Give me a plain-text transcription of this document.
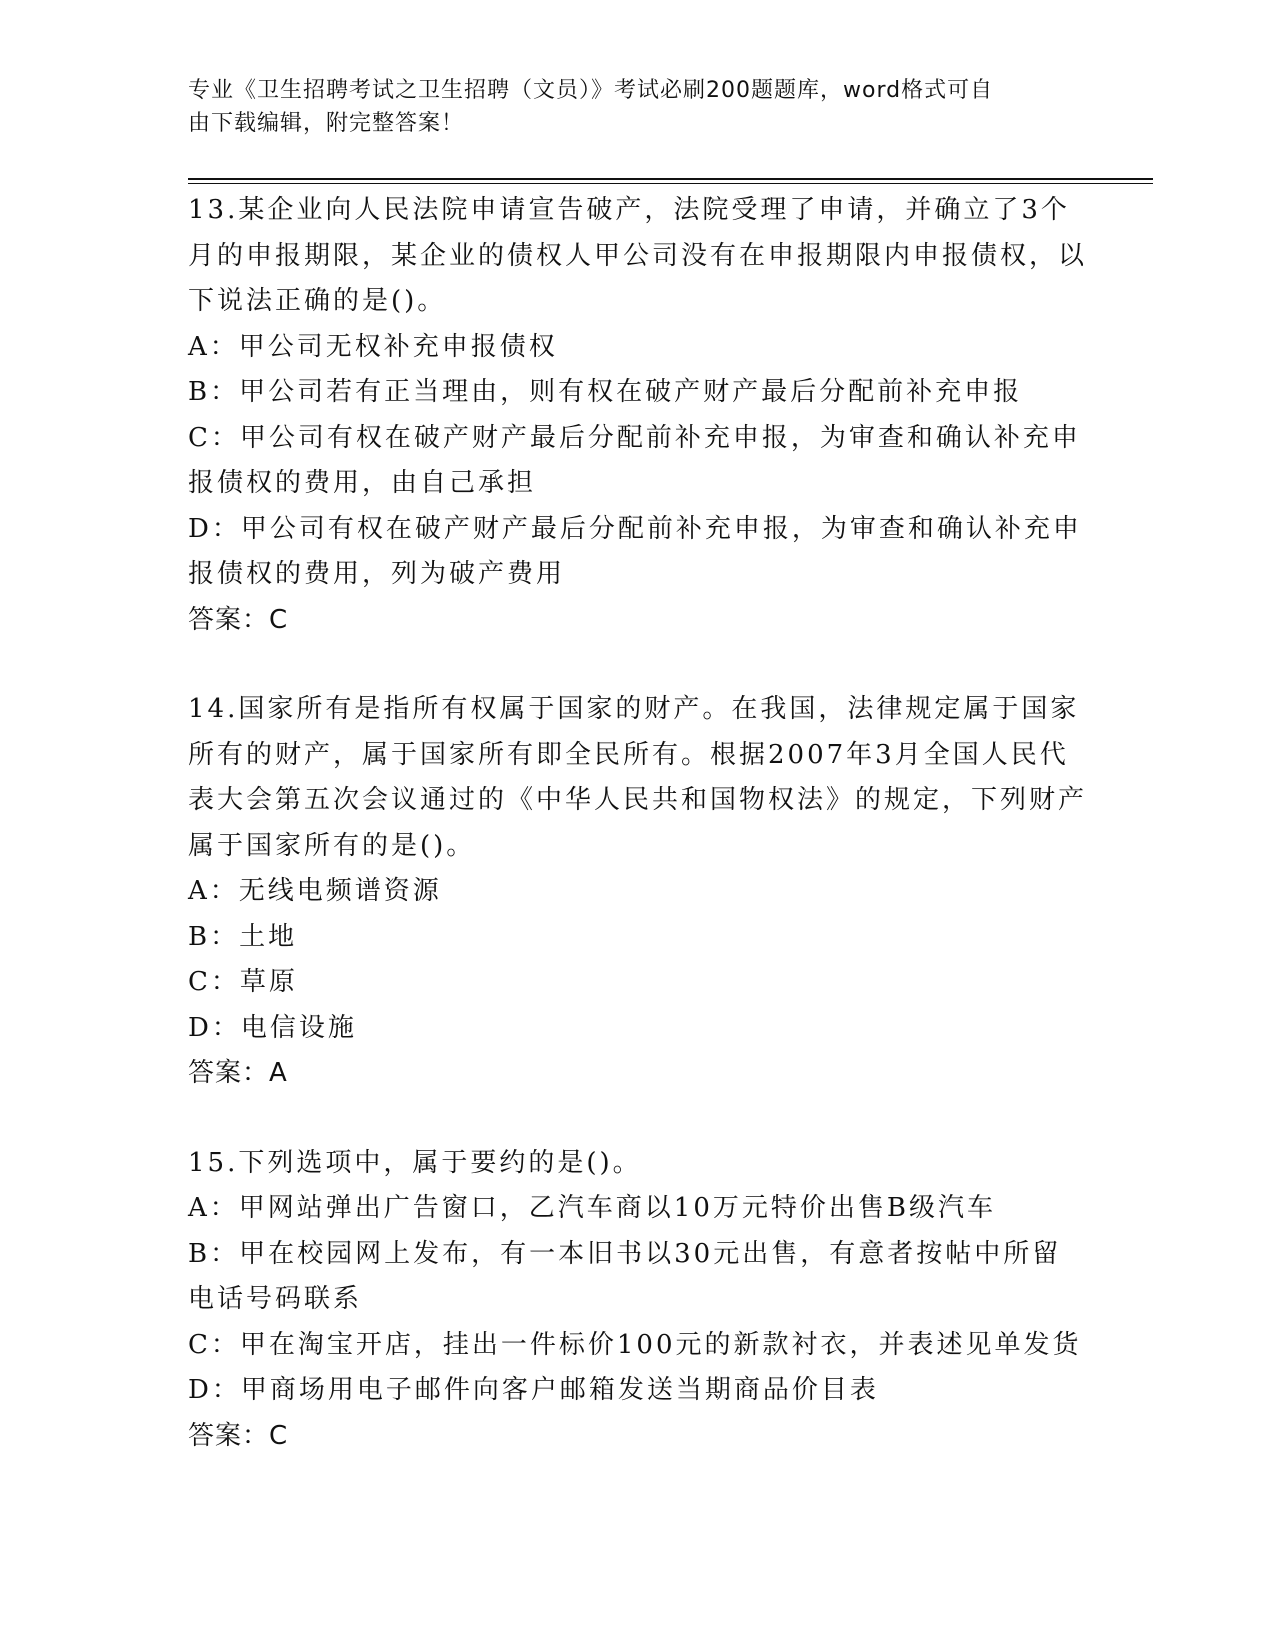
专业《卫生招聘考试之卫生招聘（文员）》考试必刷200题题库，word格式可自
由下载编辑，附完整答案！

13.某企业向人民法院申请宣告破产，法院受理了申请，并确立了3个月的申报期限，某企业的债权人甲公司没有在申报期限内申报债权，以下说法正确的是()。

A：甲公司无权补充申报债权
B：甲公司若有正当理由，则有权在破产财产最后分配前补充申报
C：甲公司有权在破产财产最后分配前补充申报，为审查和确认补充申报债权的费用，由自己承担
D：甲公司有权在破产财产最后分配前补充申报，为审查和确认补充申报债权的费用，列为破产费用

答案：C

14.国家所有是指所有权属于国家的财产。在我国，法律规定属于国家所有的财产，属于国家所有即全民所有。根据2007年3月全国人民代表大会第五次会议通过的《中华人民共和国物权法》的规定，下列财产属于国家所有的是()。

A：无线电频谱资源
B：土地
C：草原
D：电信设施

答案：A

15.下列选项中，属于要约的是()。

A：甲网站弹出广告窗口，乙汽车商以10万元特价出售B级汽车
B：甲在校园网上发布，有一本旧书以30元出售，有意者按帖中所留电话号码联系
C：甲在淘宝开店，挂出一件标价100元的新款衬衣，并表述见单发货
D：甲商场用电子邮件向客户邮箱发送当期商品价目表

答案：C
